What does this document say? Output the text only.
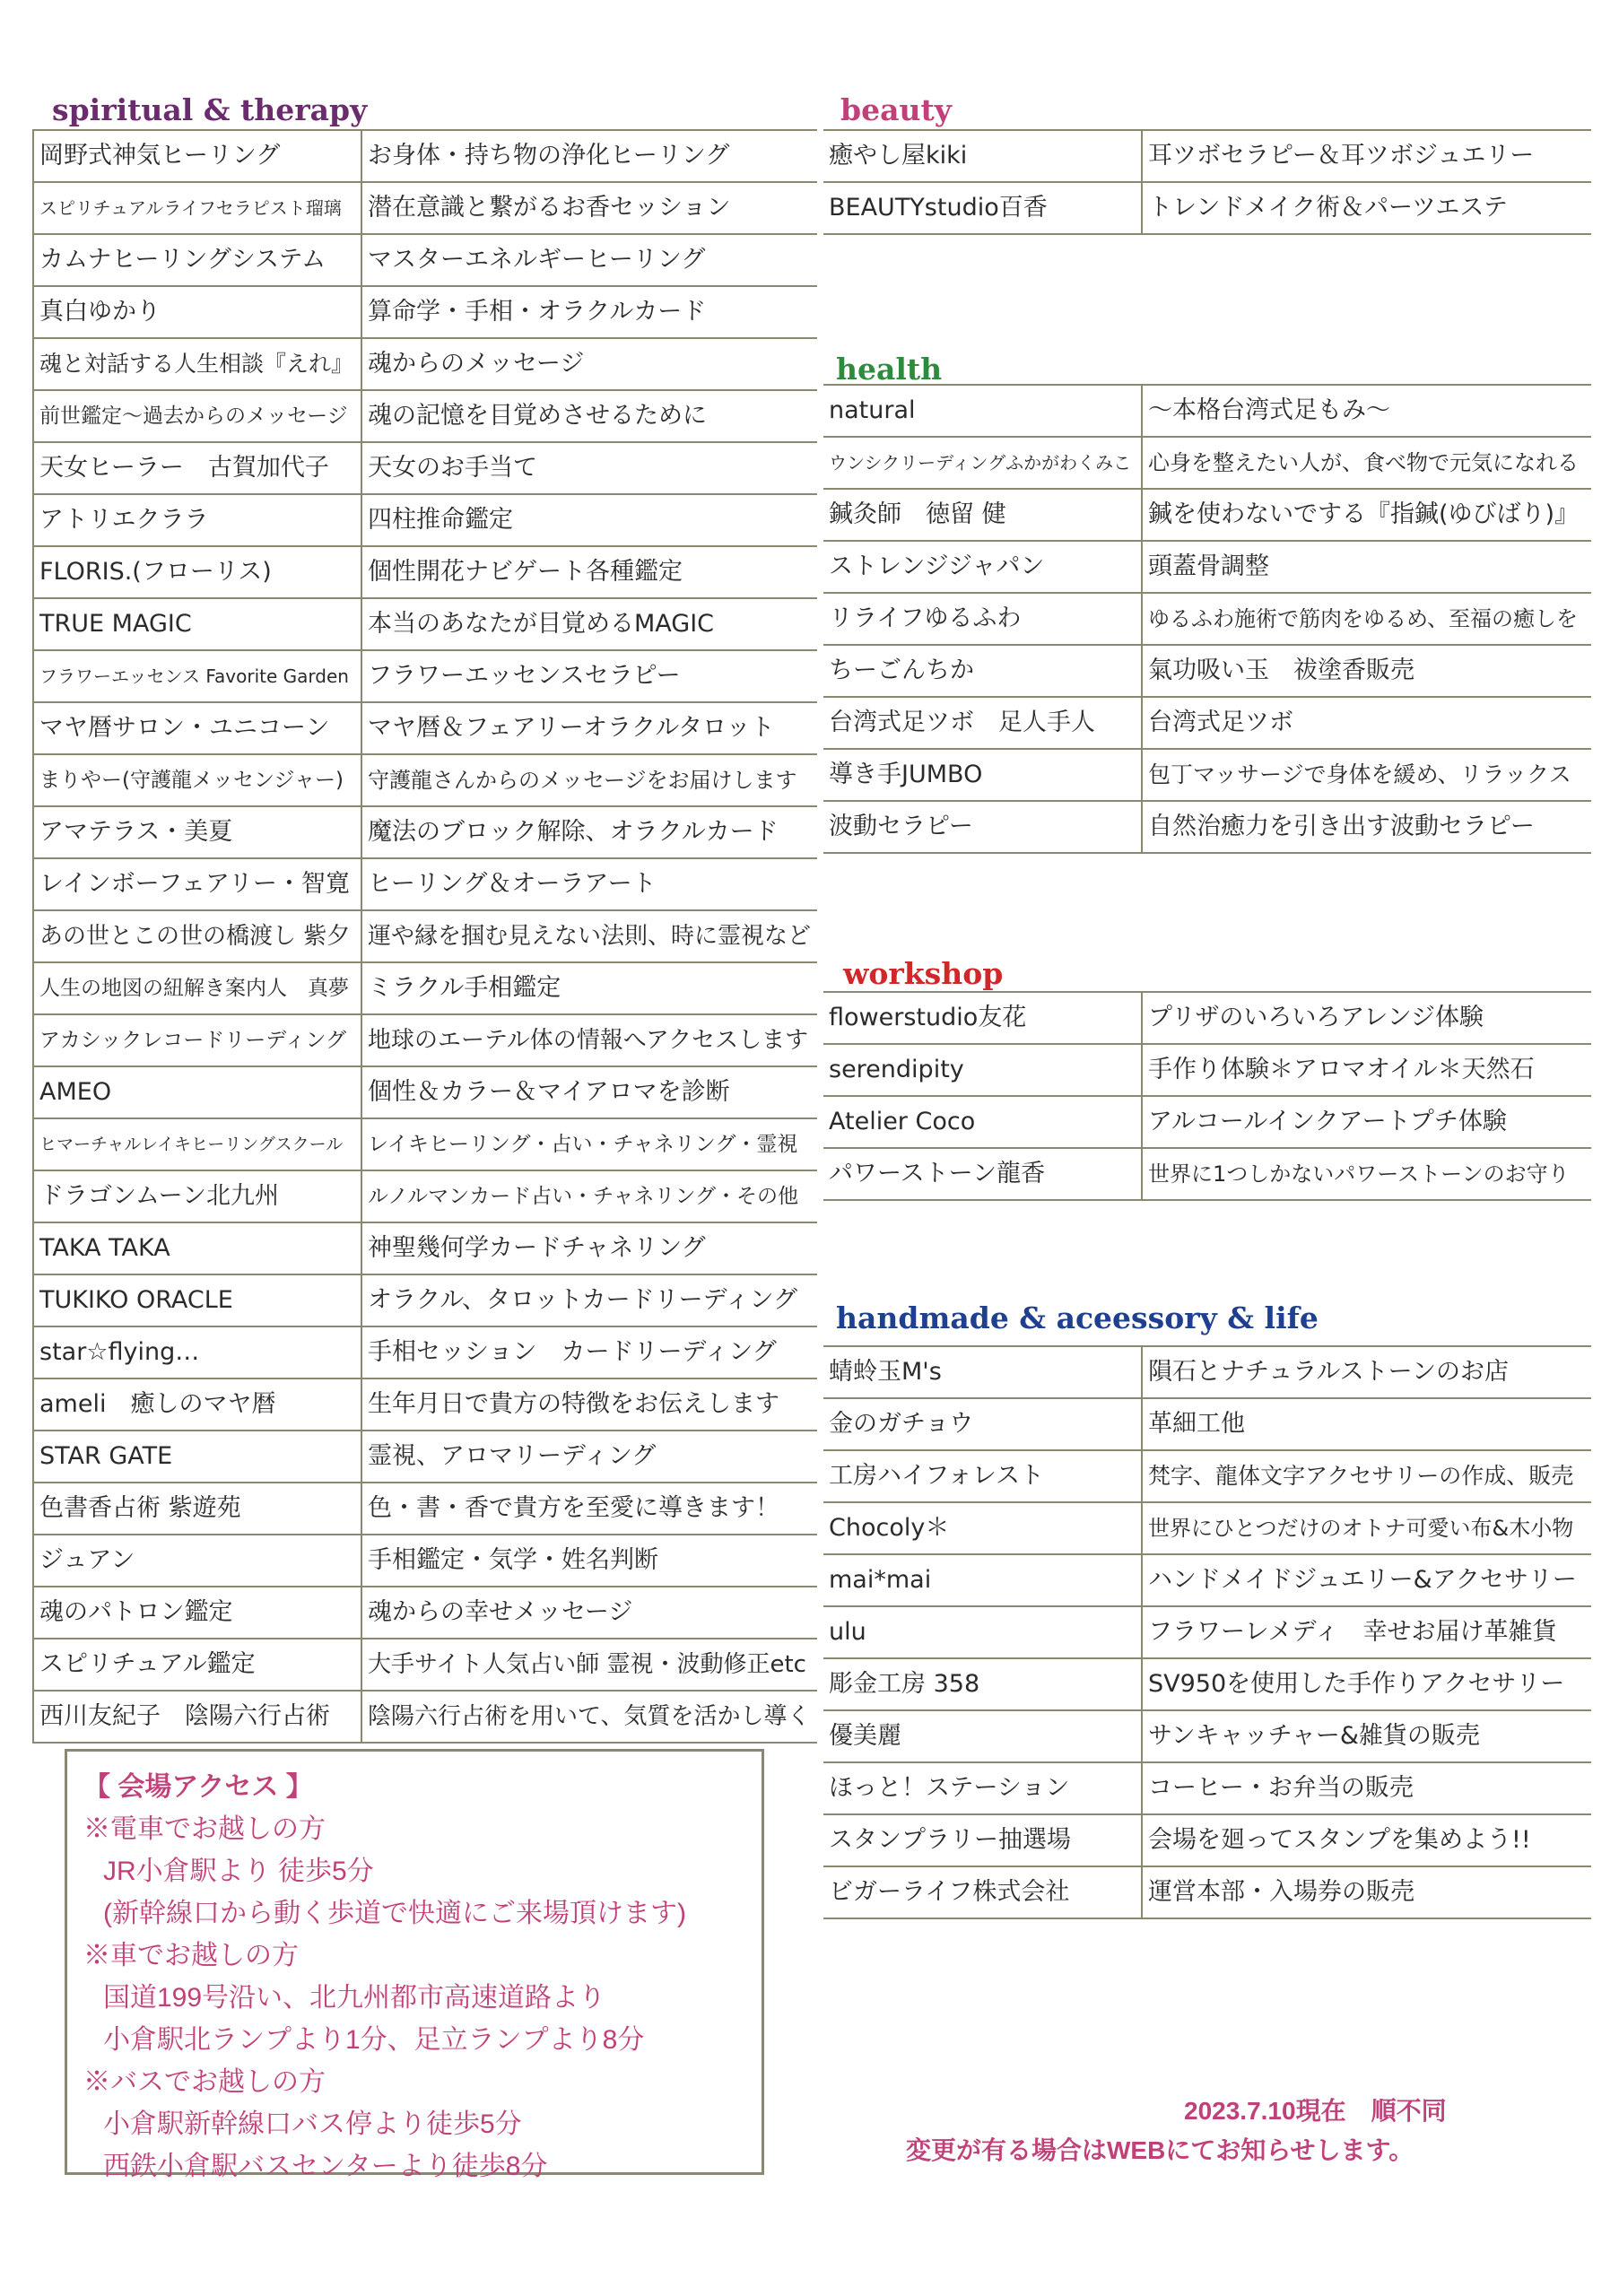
spiritual & therapy	beauty
health
workshop
handmade & aceessory & life
岡野式神気ヒーリング	お身体・持ち物の浄化ヒーリング
スピリチュアルライフセラピスト瑠璃	潜在意識と繋がるお香セッション
カムナヒーリングシステム	マスターエネルギーヒーリング
真白ゆかり	算命学・手相・オラクルカード
魂と対話する人生相談『えれ』	魂からのメッセージ
前世鑑定～過去からのメッセージ	魂の記憶を目覚めさせるために
天女ヒーラー　古賀加代子	天女のお手当て
アトリエクララ	四柱推命鑑定
FLORIS.(フローリス)	個性開花ナビゲート各種鑑定
TRUE MAGIC	本当のあなたが目覚めるMAGIC
フラワーエッセンス Favorite Garden	フラワーエッセンスセラピー
マヤ暦サロン・ユニコーン	マヤ暦＆フェアリーオラクルタロット
まりやー(守護龍メッセンジャー)	守護龍さんからのメッセージをお届けします
アマテラス・美夏	魔法のブロック解除、オラクルカード
レインボーフェアリー・智寛	ヒーリング＆オーラアート
あの世とこの世の橋渡し 紫夕	運や縁を掴む見えない法則、時に霊視など
人生の地図の紐解き案内人　真夢	ミラクル手相鑑定
アカシックレコードリーディング	地球のエーテル体の情報へアクセスします
AMEO	個性＆カラー＆マイアロマを診断
ヒマーチャルレイキヒーリングスクール	レイキヒーリング・占い・チャネリング・霊視
ドラゴンムーン北九州	ルノルマンカード占い・チャネリング・その他
TAKA TAKA	神聖幾何学カードチャネリング
TUKIKO ORACLE	オラクル、タロットカードリーディング
star☆flying…	手相セッション　カードリーディング
ameli　癒しのマヤ暦	生年月日で貴方の特徴をお伝えします
STAR GATE	霊視、アロマリーディング
色書香占術 紫遊苑	色・書・香で貴方を至愛に導きます！
ジュアン	手相鑑定・気学・姓名判断
魂のパトロン鑑定	魂からの幸せメッセージ
スピリチュアル鑑定	大手サイト人気占い師 霊視・波動修正etc
西川友紀子　陰陽六行占術	陰陽六行占術を用いて、気質を活かし導く
癒やし屋kiki	耳ツボセラピー＆耳ツボジュエリー
BEAUTYstudio百香	トレンドメイク術＆パーツエステ
natural	～本格台湾式足もみ～
ウンシクリーディングふかがわくみこ	心身を整えたい人が、食べ物で元気になれる
鍼灸師　徳留 健	鍼を使わないでする『指鍼(ゆびばり)』
ストレンジジャパン	頭蓋骨調整
リライフゆるふわ	ゆるふわ施術で筋肉をゆるめ、至福の癒しを
ちーごんちか	氣功吸い玉　祓塗香販売
台湾式足ツボ　足人手人	台湾式足ツボ
導き手JUMBO	包丁マッサージで身体を緩め、リラックス
波動セラピー	自然治癒力を引き出す波動セラピー
flowerstudio友花	プリザのいろいろアレンジ体験
serendipity	手作り体験＊アロマオイル＊天然石
Atelier Coco	アルコールインクアートプチ体験
パワーストーン龍香	世界に1つしかないパワーストーンのお守り
蜻蛉玉M's	隕石とナチュラルストーンのお店
金のガチョウ	革細工他
工房ハイフォレスト	梵字、龍体文字アクセサリーの作成、販売
Chocoly＊	世界にひとつだけのオトナ可愛い布&木小物
mai*mai	ハンドメイドジュエリー&アクセサリー
ulu	フラワーレメディ　幸せお届け革雑貨
彫金工房 358	SV950を使用した手作りアクセサリー
優美麗	サンキャッチャー&雑貨の販売
ほっと！ステーション	コーヒー・お弁当の販売
スタンプラリー抽選場	会場を廻ってスタンプを集めよう!!
ビガーライフ株式会社	運営本部・入場券の販売
【 会場アクセス 】
※電車でお越しの方
JR小倉駅より 徒歩5分
(新幹線口から動く歩道で快適にご来場頂けます)
※車でお越しの方
国道199号沿い、北九州都市高速道路より
小倉駅北ランプより1分、足立ランプより8分
※バスでお越しの方
小倉駅新幹線口バス停より徒歩5分
西鉄小倉駅バスセンターより徒歩8分
2023.7.10現在　順不同
変更が有る場合はWEBにてお知らせします。
